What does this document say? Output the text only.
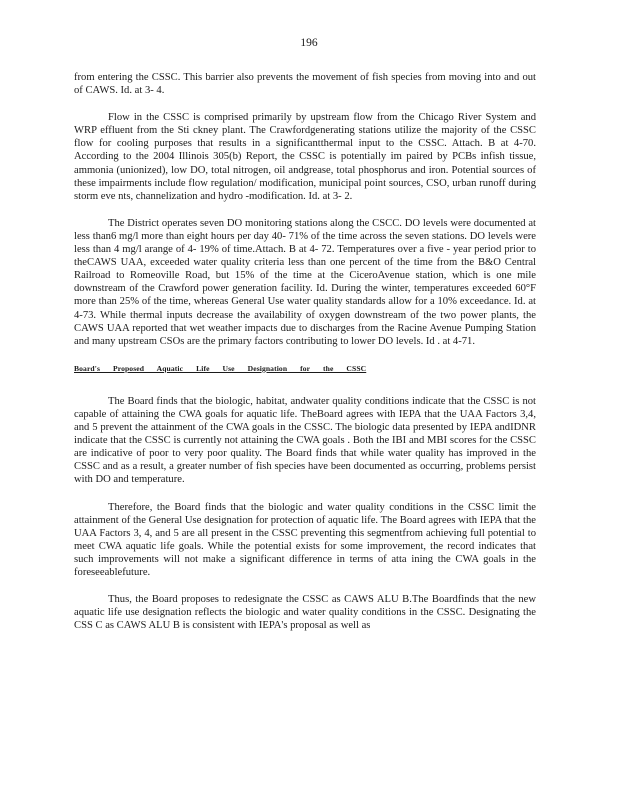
196

from entering the CSSC. This barrier also prevents the movement of fish species from moving into and out of CAWS. Id. at 3- 4.

Flow in the CSSC is comprised primarily by upstream flow from the Chicago River System and WRP effluent from the Sti ckney plant. The Crawfordgenerating stations utilize the majority of the CSSC flow for cooling purposes that results in a significantthermal input to the CSSC. Attach. B at 4-70. According to the 2004 Illinois 305(b) Report, the CSSC is potentially im paired by PCBs infish tissue, ammonia (unionized), low DO, total nitrogen, oil andgrease, total phosphorus and iron. Potential sources of these impairments include flow regulation/ modification, municipal point sources, CSO, urban runoff during storm eve nts, channelization and hydro -modification. Id. at 3- 2.

The District operates seven DO monitoring stations along the CSCC. DO levels were documented at less than6 mg/l more than eight hours per day 40- 71% of the time across the seven stations. DO levels were less than 4 mg/l arange of 4- 19% of time.Attach. B at 4- 72. Temperatures over a five - year period prior to theCAWS UAA, exceeded water quality criteria less than one percent of the time from the B&O Central Railroad to Romeoville Road, but 15% of the time at the CiceroAvenue station, which is one mile downstream of the Crawford power generation facility. Id. During the winter, temperatures exceeded 60°F more than 25% of the time, whereas General Use water quality standards allow for a 10% exceedance. Id. at 4-73. While thermal inputs decrease the availability of oxygen downstream of the two power plants, the CAWS UAA reported that wet weather impacts due to discharges from the Racine Avenue Pumping Station and many upstream CSOs are the primary factors contributing to lower DO levels. Id . at 4-71.

Board's Proposed Aquatic Life Use Designation for the CSSC

The Board finds that the biologic, habitat, andwater quality conditions indicate that the CSSC is not capable of attaining the CWA goals for aquatic life. TheBoard agrees with IEPA that the UAA Factors 3,4, and 5 prevent the attainment of the CWA goals in the CSSC. The biologic data presented by IEPA andIDNR indicate that the CSSC is currently not attaining the CWA goals . Both the IBI and MBI scores for the CSSC are indicative of poor to very poor quality. The Board finds that while water quality has improved in the CSSC and as a result, a greater number of fish species have been documented as occurring, problems persist with DO and temperature.

Therefore, the Board finds that the biologic and water quality conditions in the CSSC limit the attainment of the General Use designation for protection of aquatic life. The Board agrees with IEPA that the UAA Factors 3, 4, and 5 are all present in the CSSC preventing this segmentfrom achieving full potential to meet CWA aquatic life goals. While the potential exists for some improvement, the record indicates that such improvements will not make a significant difference in terms of atta ining the CWA goals in the foreseeablefuture.

Thus, the Board proposes to redesignate the CSSC as CAWS ALU B.The Boardfinds that the new aquatic life use designation reflects the biologic and water quality conditions in the CSSC. Designating the CSS C as CAWS ALU B is consistent with IEPA's proposal as well as
